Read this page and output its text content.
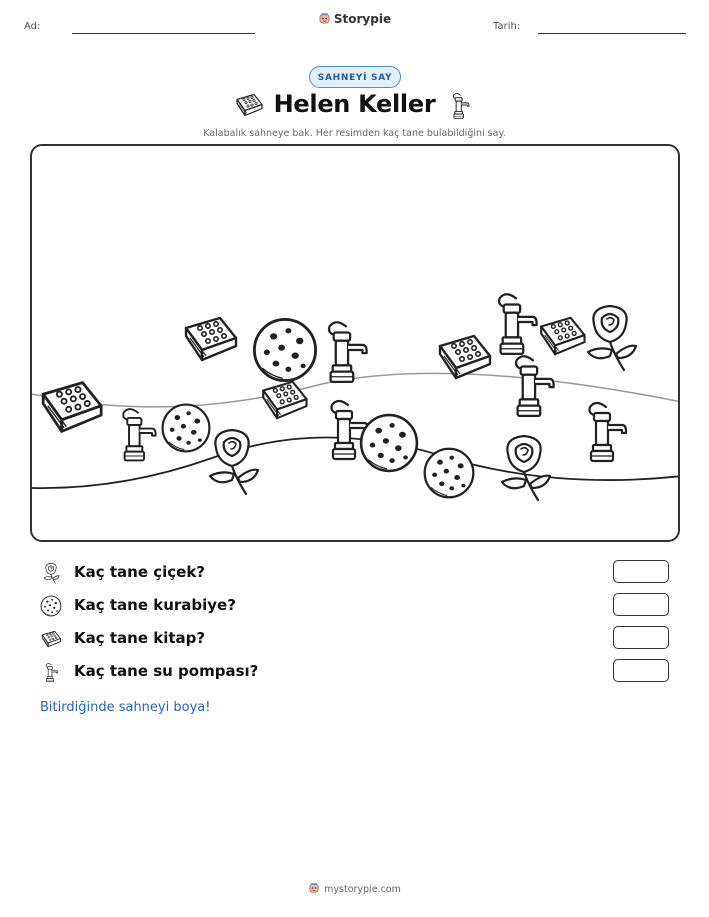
Ad:
Storypie
Tarih:
SAHNEYİ SAY
Helen Keller
Kalabalık sahneye bak. Her resimden kaç tane bulabildiğini say.
Kaç tane çiçek?
Kaç tane kurabiye?
Kaç tane kitap?
Kaç tane su pompası?
Bitirdiğinde sahneyi boya!
mystorypie.com
